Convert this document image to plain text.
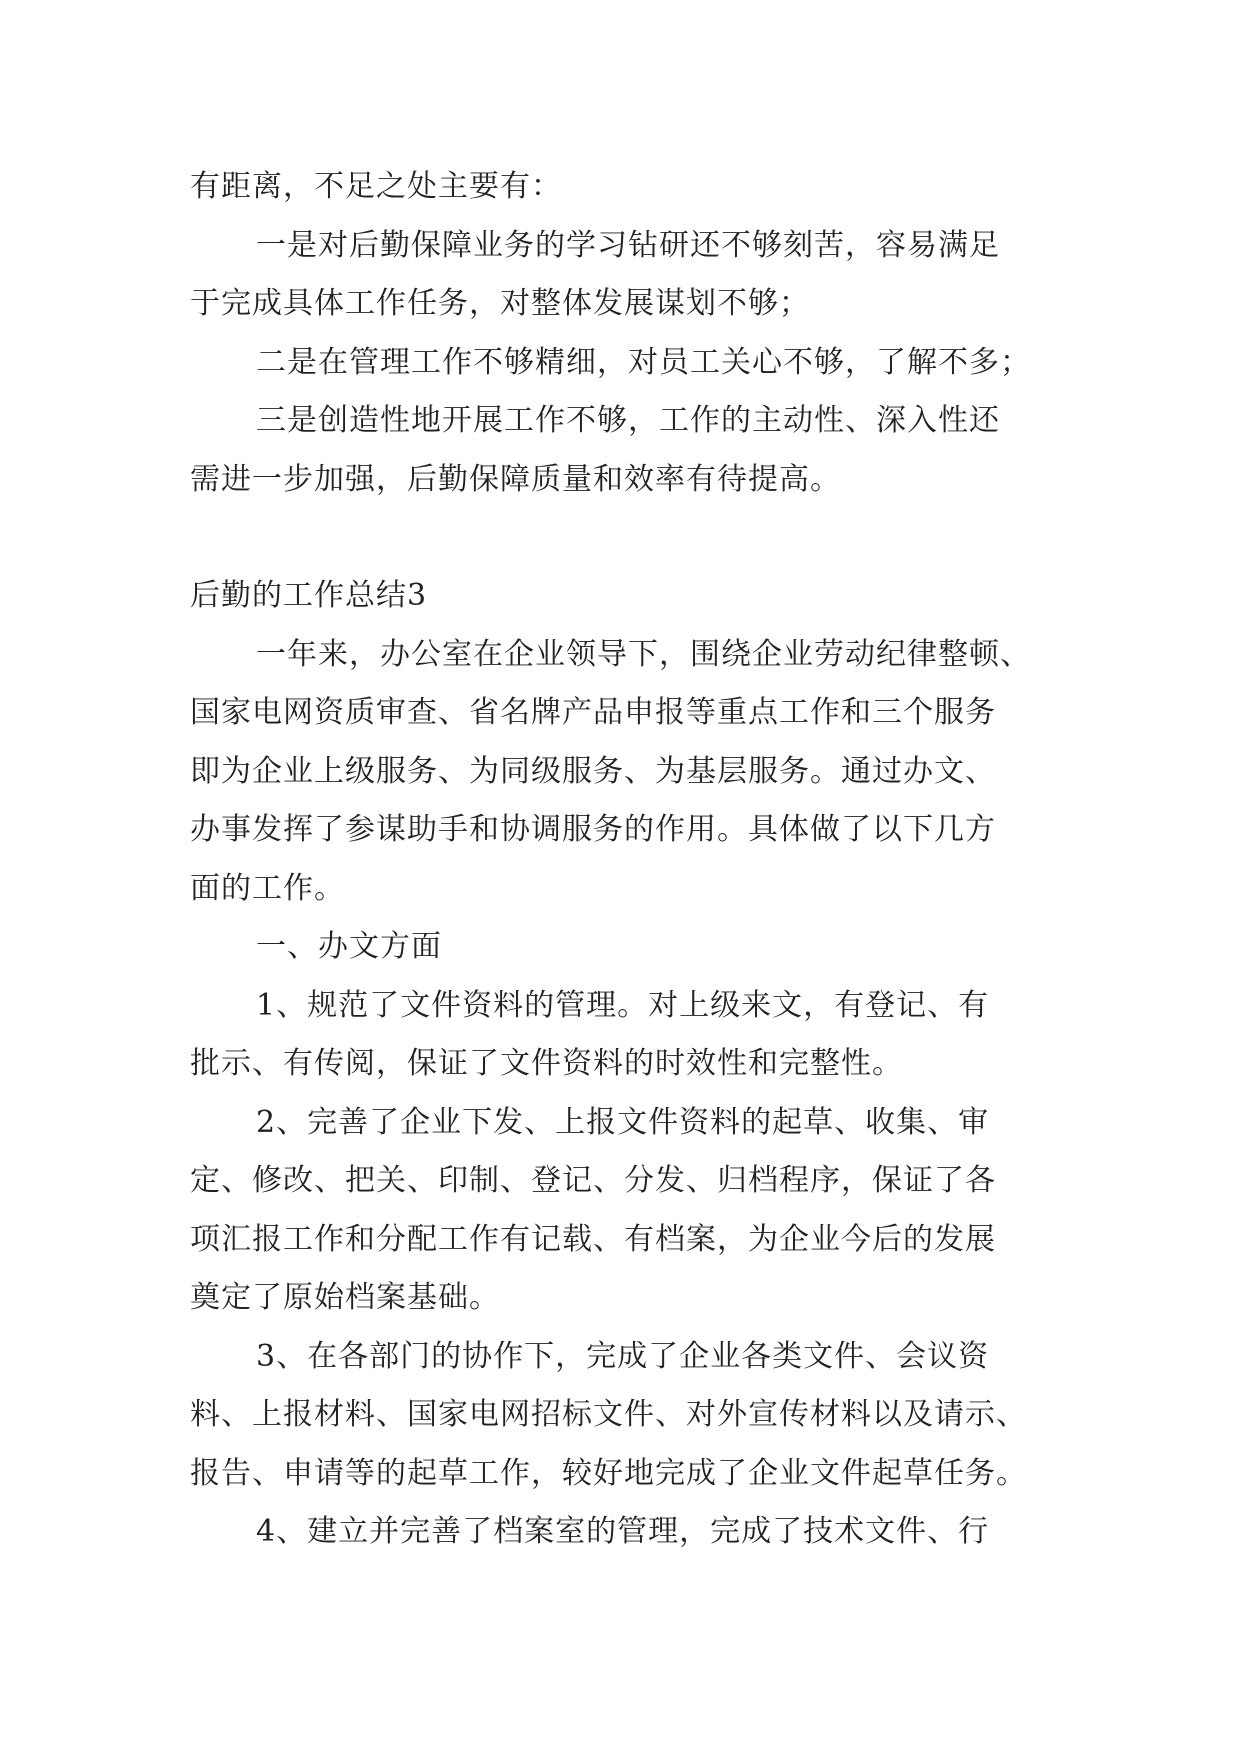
有距离，不足之处主要有：
一是对后勤保障业务的学习钻研还不够刻苦，容易满足
于完成具体工作任务，对整体发展谋划不够；
二是在管理工作不够精细，对员工关心不够，了解不多；
三是创造性地开展工作不够，工作的主动性、深入性还
需进一步加强，后勤保障质量和效率有待提高。
后勤的工作总结3
一年来，办公室在企业领导下，围绕企业劳动纪律整顿、
国家电网资质审查、省名牌产品申报等重点工作和三个服务
即为企业上级服务、为同级服务、为基层服务。通过办文、
办事发挥了参谋助手和协调服务的作用。具体做了以下几方
面的工作。
一、办文方面
1、规范了文件资料的管理。对上级来文，有登记、有
批示、有传阅，保证了文件资料的时效性和完整性。
2、完善了企业下发、上报文件资料的起草、收集、审
定、修改、把关、印制、登记、分发、归档程序，保证了各
项汇报工作和分配工作有记载、有档案，为企业今后的发展
奠定了原始档案基础。
3、在各部门的协作下，完成了企业各类文件、会议资
料、上报材料、国家电网招标文件、对外宣传材料以及请示、
报告、申请等的起草工作，较好地完成了企业文件起草任务。
4、建立并完善了档案室的管理，完成了技术文件、行
